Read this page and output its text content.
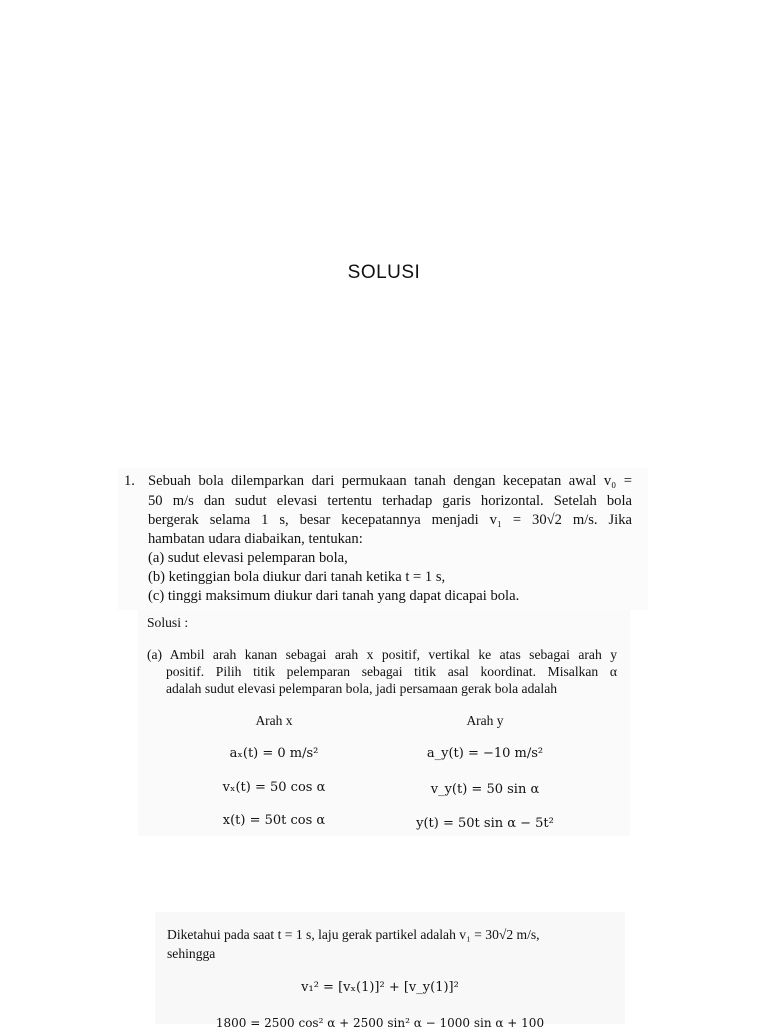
SOLUSI
1. Sebuah bola dilemparkan dari permukaan tanah dengan kecepatan awal v₀ =
50 m/s dan sudut elevasi tertentu terhadap garis horizontal. Setelah bola
bergerak selama 1 s, besar kecepatannya menjadi v₁ = 30√2 m/s. Jika
hambatan udara diabaikan, tentukan:
(a) sudut elevasi pelemparan bola,
(b) ketinggian bola diukur dari tanah ketika t = 1 s,
(c) tinggi maksimum diukur dari tanah yang dapat dicapai bola.
Solusi :
(a) Ambil arah kanan sebagai arah x positif, vertikal ke atas sebagai arah y
positif. Pilih titik pelemparan sebagai titik asal koordinat. Misalkan α
adalah sudut elevasi pelemparan bola, jadi persamaan gerak bola adalah
Arah x	Arah y
aₓ(t) = 0 m/s²
vₓ(t) = 50 cos α
x(t) = 50t cos α
a_y(t) = −10 m/s²
v_y(t) = 50 sin α
y(t) = 50t sin α − 5t²
Diketahui pada saat t = 1 s, laju gerak partikel adalah v₁ = 30√2 m/s,
sehingga
v₁² = [vₓ(1)]² + [v_y(1)]²
1800 = 2500 cos² α + 2500 sin² α − 1000 sin α + 100
